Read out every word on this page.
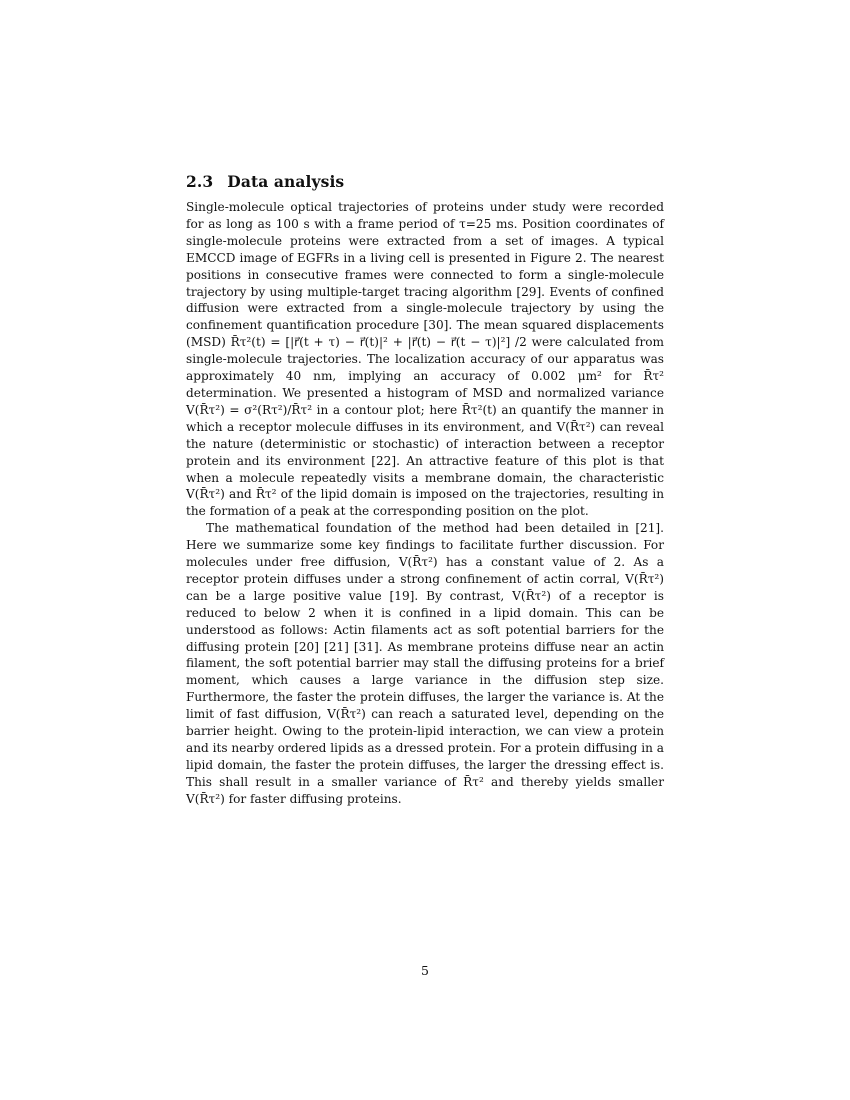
2.3 Data analysis

Single-molecule optical trajectories of proteins under study were recorded for as long as 100 s with a frame period of τ=25 ms. Position coordinates of single-molecule proteins were extracted from a set of images. A typical EMCCD image of EGFRs in a living cell is presented in Figure 2. The nearest positions in consecutive frames were connected to form a single-molecule trajectory by using multiple-target tracing algorithm [29]. Events of confined diffusion were extracted from a single-molecule trajectory by using the confinement quantification procedure [30]. The mean squared displacements (MSD) R̄τ²(t) = [|r⃗(t + τ) − r⃗(t)|² + |r⃗(t) − r⃗(t − τ)|²] /2 were calculated from single-molecule trajectories. The localization accuracy of our apparatus was approximately 40 nm, implying an accuracy of 0.002 μm² for R̄τ² determination. We presented a histogram of MSD and normalized variance V(R̄τ²) = σ²(Rτ²)/R̄τ² in a contour plot; here R̄τ²(t) an quantify the manner in which a receptor molecule diffuses in its environment, and V(R̄τ²) can reveal the nature (deterministic or stochastic) of interaction between a receptor protein and its environment [22]. An attractive feature of this plot is that when a molecule repeatedly visits a membrane domain, the characteristic V(R̄τ²) and R̄τ² of the lipid domain is imposed on the trajectories, resulting in the formation of a peak at the corresponding position on the plot.

The mathematical foundation of the method had been detailed in [21]. Here we summarize some key findings to facilitate further discussion. For molecules under free diffusion, V(R̄τ²) has a constant value of 2. As a receptor protein diffuses under a strong confinement of actin corral, V(R̄τ²) can be a large positive value [19]. By contrast, V(R̄τ²) of a receptor is reduced to below 2 when it is confined in a lipid domain. This can be understood as follows: Actin filaments act as soft potential barriers for the diffusing protein [20] [21] [31]. As membrane proteins diffuse near an actin filament, the soft potential barrier may stall the diffusing proteins for a brief moment, which causes a large variance in the diffusion step size. Furthermore, the faster the protein diffuses, the larger the variance is. At the limit of fast diffusion, V(R̄τ²) can reach a saturated level, depending on the barrier height. Owing to the protein-lipid interaction, we can view a protein and its nearby ordered lipids as a dressed protein. For a protein diffusing in a lipid domain, the faster the protein diffuses, the larger the dressing effect is. This shall result in a smaller variance of R̄τ² and thereby yields smaller V(R̄τ²) for faster diffusing proteins.

5
